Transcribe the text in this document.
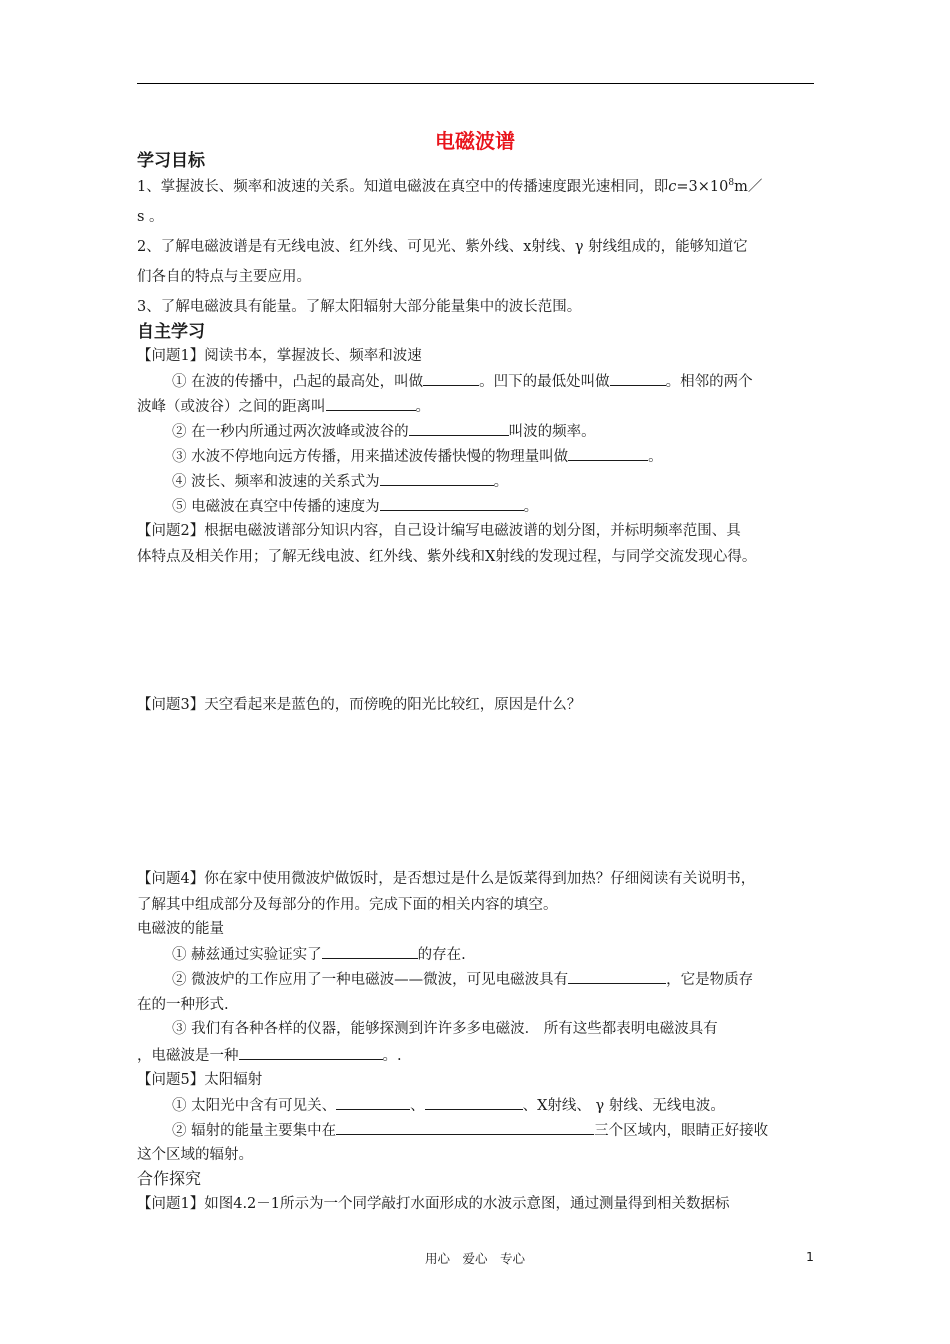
电磁波谱
学习目标
1、掌握波长、频率和波速的关系。知道电磁波在真空中的传播速度跟光速相同，即$c=3\times 10^8m/$
s 。
2、了解电磁波谱是有无线电波、红外线、可见光、紫外线、x射线、γ 射线组成的，能够知道它
们各自的特点与主要应用。
3、了解电磁波具有能量。了解太阳辐射大部分能量集中的波长范围。
自主学习
【问题1】阅读书本，掌握波长、频率和波速
① 在波的传播中，凸起的最高处，叫做	。凹下的最低处叫做	。相邻的两个
波峰（或波谷）之间的距离叫	。
② 在一秒内所通过两次波峰或波谷的	叫波的频率。
③ 水波不停地向远方传播，用来描述波传播快慢的物理量叫做	。
④ 波长、频率和波速的关系式为	。
⑤ 电磁波在真空中传播的速度为	。
【问题2】根据电磁波谱部分知识内容，自己设计编写电磁波谱的划分图，并标明频率范围、具
体特点及相关作用；了解无线电波、红外线、紫外线和X射线的发现过程，与同学交流发现心得。
【问题3】天空看起来是蓝色的，而傍晚的阳光比较红，原因是什么？
【问题4】你在家中使用微波炉做饭时，是否想过是什么是饭菜得到加热？仔细阅读有关说明书，
了解其中组成部分及每部分的作用。完成下面的相关内容的填空。
电磁波的能量
① 赫兹通过实验证实了	的存在.
② 微波炉的工作应用了一种电磁波——微波，可见电磁波具有	，它是物质存
在的一种形式.
③ 我们有各种各样的仪器，能够探测到许许多多电磁波． 所有这些都表明电磁波具有
，电磁波是一种	。.
【问题5】太阳辐射
① 太阳光中含有可见关、	、	、X射线、 γ 射线、无线电波。
② 辐射的能量主要集中在	三个区域内，眼睛正好接收
这个区域的辐射。
合作探究
【问题1】如图4.2－1所示为一个同学敲打水面形成的水波示意图，通过测量得到相关数据标
用心　爱心　专心	1
